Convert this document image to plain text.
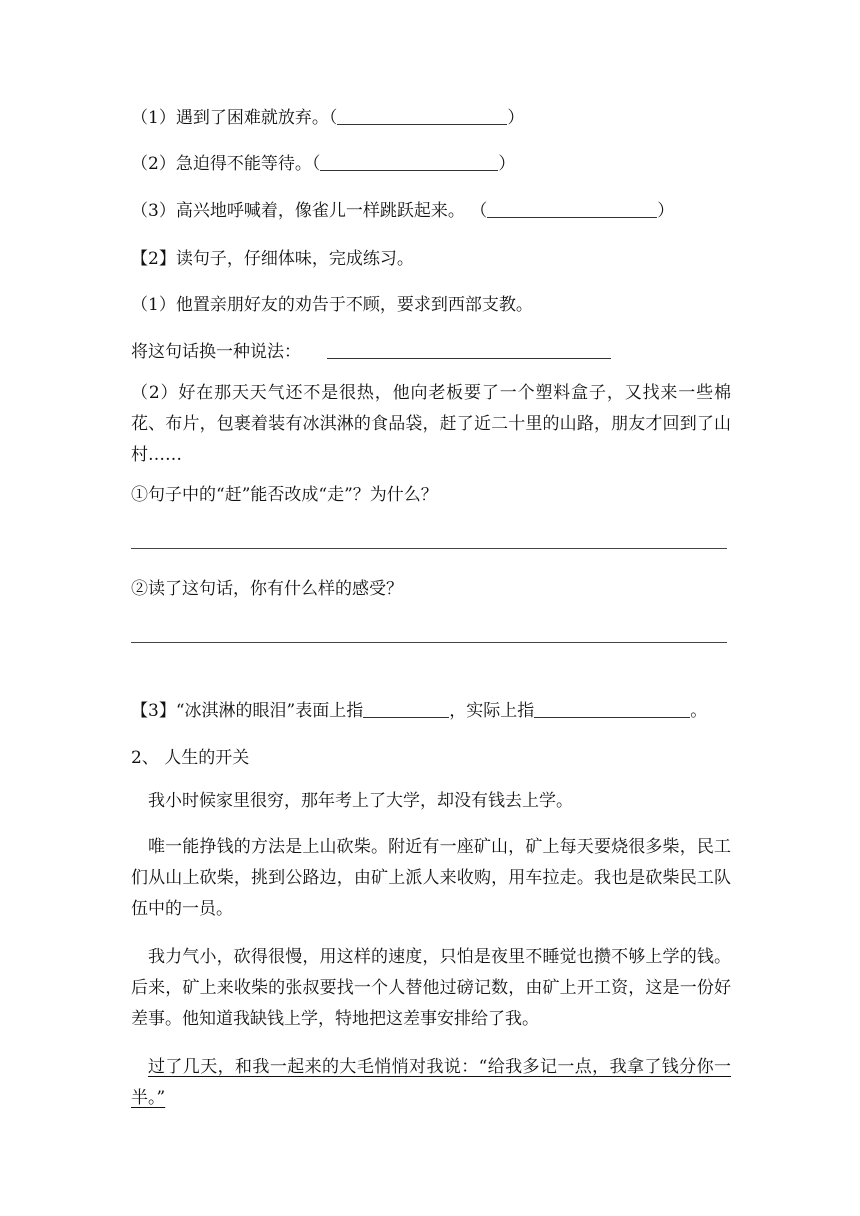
（1）遇到了困难就放弃。（	）
（2）急迫得不能等待。（	）
（3）高兴地呼喊着，像雀儿一样跳跃起来。 （	）
【2】读句子，仔细体味，完成练习。
（1）他置亲朋好友的劝告于不顾，要求到西部支教。
将这句话换一种说法：
（2）好在那天天气还不是很热，他向老板要了一个塑料盒子，又找来一些棉花、布片，包裹着装有冰淇淋的食品袋，赶了近二十里的山路，朋友才回到了山村……
①句子中的“赶”能否改成“走”？为什么？
②读了这句话，你有什么样的感受？
【3】“冰淇淋的眼泪”表面上指	，实际上指	。
2、 人生的开关
我小时候家里很穷，那年考上了大学，却没有钱去上学。
唯一能挣钱的方法是上山砍柴。附近有一座矿山，矿上每天要烧很多柴，民工们从山上砍柴，挑到公路边，由矿上派人来收购，用车拉走。我也是砍柴民工队伍中的一员。
我力气小，砍得很慢，用这样的速度，只怕是夜里不睡觉也攒不够上学的钱。后来，矿上来收柴的张叔要找一个人替他过磅记数，由矿上开工资，这是一份好差事。他知道我缺钱上学，特地把这差事安排给了我。
过了几天，和我一起来的大毛悄悄对我说：“给我多记一点，我拿了钱分你一半。”
